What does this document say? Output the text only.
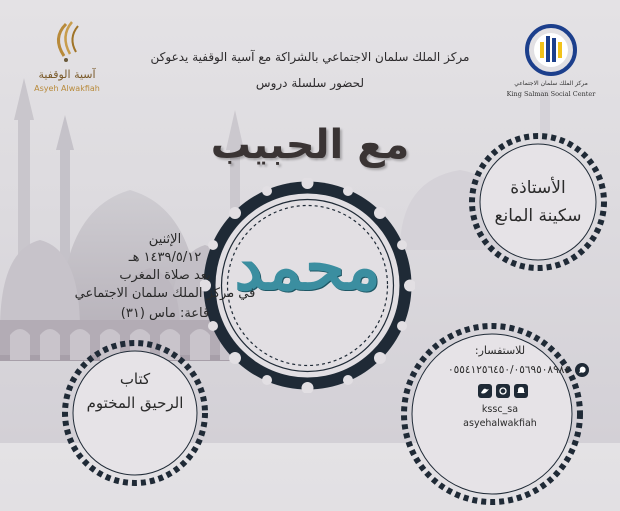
آسية الوقفية
Asyeh Alwakfiah
مركز الملك سلمان الاجتماعي
King Salman Social Center
مركز الملك سلمان الاجتماعي بالشراكة مع آسية الوقفية يدعوكن
لحضور سلسلة دروس
مع الحبيب
محمد
الأستاذة
سكينة المانع
الإثنين
١٤٣٩/٥/١٢ هـ
بعد صلاة المغرب
في مركز الملك سلمان الاجتماعي
قاعة: ماس (٣١)
كتاب
الرحيق المختوم
للاستفسار:
٠٥٥٤١٢٥٦٤٥٠/٠٥٦٩٥٠٨٩٨٤
kssc_sa
asyehalwakfiah
